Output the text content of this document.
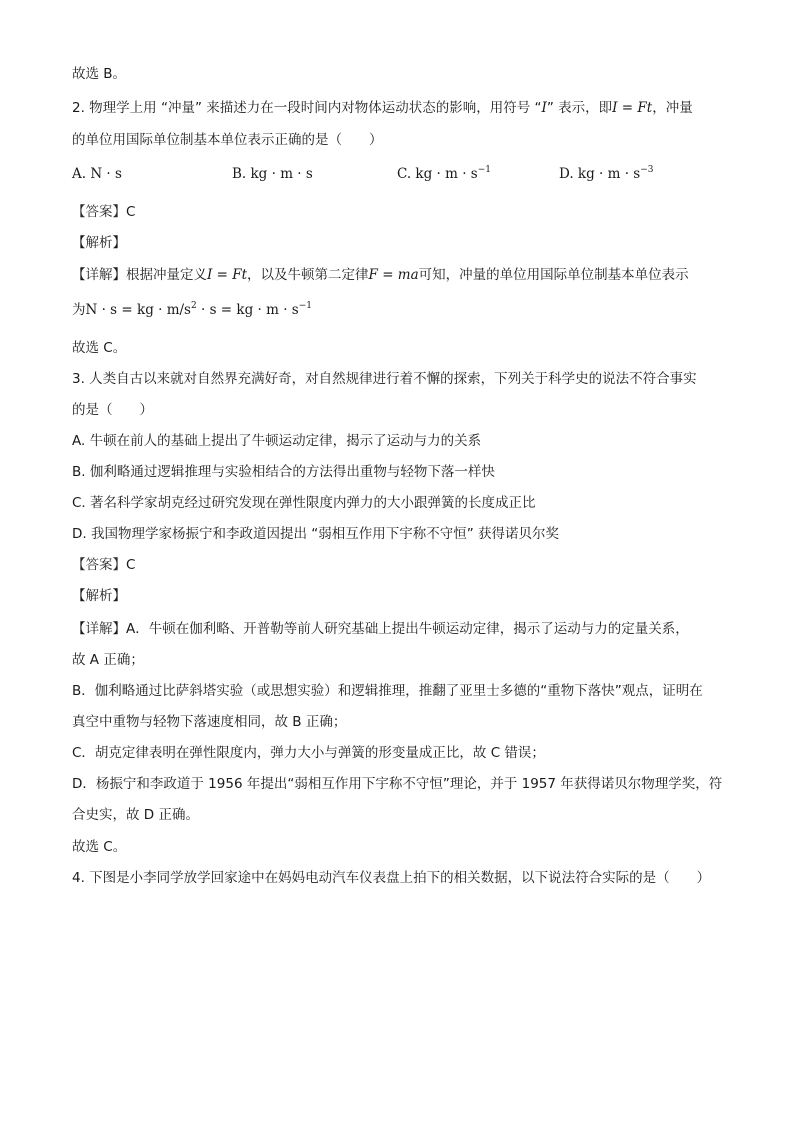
故选 B。
2. 物理学上用 “冲量” 来描述力在一段时间内对物体运动状态的影响，用符号 “I” 表示，即I = Ft，冲量
的单位用国际单位制基本单位表示正确的是（　　）
A. N · s	B. kg · m · s	C. kg · $m \cdot s^{-1}$	D. kg · $m \cdot s^{-3}$
【答案】C
【解析】
【详解】根据冲量定义I = Ft，以及牛顿第二定律F = ma可知，冲量的单位用国际单位制基本单位表示
为N · s = kg · $m/s^2 \cdot s$ = kg · $m \cdot s^{-1}$
故选 C。
3. 人类自古以来就对自然界充满好奇，对自然规律进行着不懈的探索，下列关于科学史的说法不符合事实
的是（　　）
A. 牛顿在前人的基础上提出了牛顿运动定律，揭示了运动与力的关系
B. 伽利略通过逻辑推理与实验相结合的方法得出重物与轻物下落一样快
C. 著名科学家胡克经过研究发现在弹性限度内弹力的大小跟弹簧的长度成正比
D. 我国物理学家杨振宁和李政道因提出 “弱相互作用下宇称不守恒” 获得诺贝尔奖
【答案】C
【解析】
【详解】A．牛顿在伽利略、开普勒等前人研究基础上提出牛顿运动定律，揭示了运动与力的定量关系，
故 A 正确；
B．伽利略通过比萨斜塔实验（或思想实验）和逻辑推理，推翻了亚里士多德的“重物下落快”观点，证明在
真空中重物与轻物下落速度相同，故 B 正确；
C．胡克定律表明在弹性限度内，弹力大小与弹簧的形变量成正比，故 C 错误；
D．杨振宁和李政道于 1956 年提出“弱相互作用下宇称不守恒”理论，并于 1957 年获得诺贝尔物理学奖，符
合史实，故 D 正确。
故选 C。
4. 下图是小李同学放学回家途中在妈妈电动汽车仪表盘上拍下的相关数据，以下说法符合实际的是（　　）
